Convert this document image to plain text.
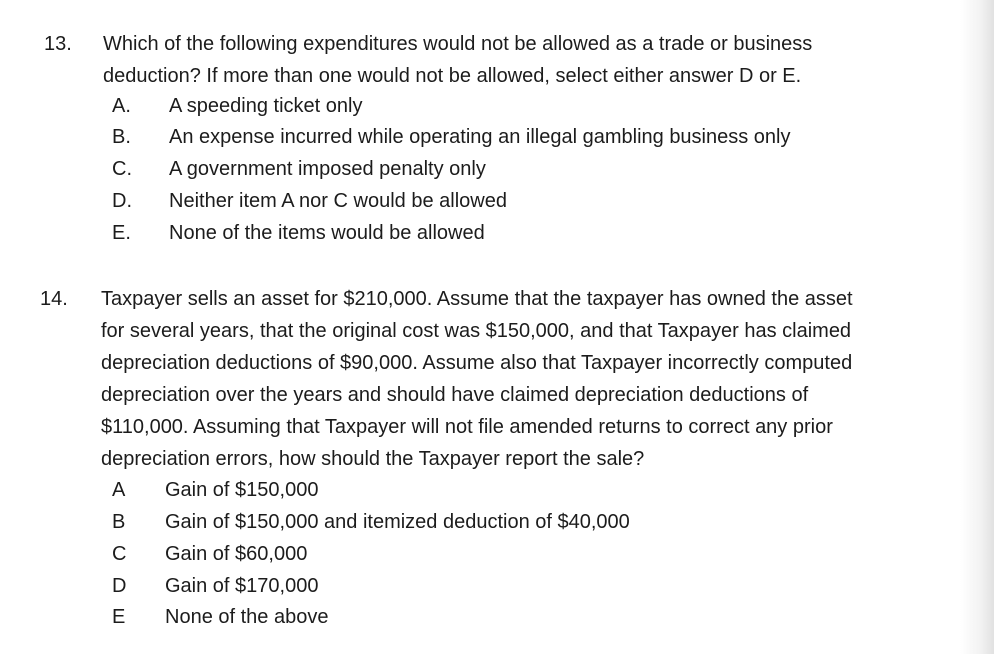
13. Which of the following expenditures would not be allowed as a trade or business
deduction? If more than one would not be allowed, select either answer D or E.
A. A speeding ticket only
B. An expense incurred while operating an illegal gambling business only
C. A government imposed penalty only
D. Neither item A nor C would be allowed
E. None of the items would be allowed
14. Taxpayer sells an asset for $210,000. Assume that the taxpayer has owned the asset
for several years, that the original cost was $150,000, and that Taxpayer has claimed
depreciation deductions of $90,000. Assume also that Taxpayer incorrectly computed
depreciation over the years and should have claimed depreciation deductions of
$110,000. Assuming that Taxpayer will not file amended returns to correct any prior
depreciation errors, how should the Taxpayer report the sale?
A Gain of $150,000
B Gain of $150,000 and itemized deduction of $40,000
C Gain of $60,000
D Gain of $170,000
E None of the above
